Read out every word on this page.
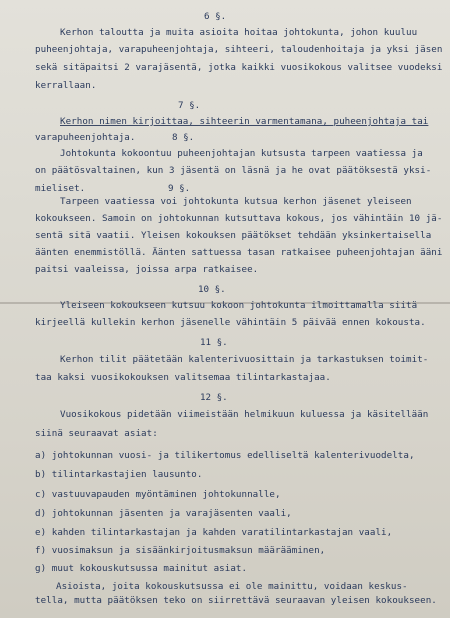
6 §.
Kerhon taloutta ja muita asioita hoitaa johtokunta, johon kuuluu
puheenjohtaja, varapuheenjohtaja, sihteeri, taloudenhoitaja ja yksi jäsen
sekä sitäpaitsi 2 varajäsentä, jotka kaikki vuosikokous valitsee vuodeksi
kerrallaan.
7 §.
Kerhon nimen kirjoittaa, sihteerin varmentamana, puheenjohtaja tai
varapuheenjohtaja.	8 §.
Johtokunta kokoontuu puheenjohtajan kutsusta tarpeen vaatiessa ja
on päätösvaltainen, kun 3 jäsentä on läsnä ja he ovat päätöksestä yksi-
mieliset.	9 §.
Tarpeen vaatiessa voi johtokunta kutsua kerhon jäsenet yleiseen
kokoukseen. Samoin on johtokunnan kutsuttava kokous, jos vähintäin 10 jä-
sentä sitä vaatii. Yleisen kokouksen päätökset tehdään yksinkertaisella
äänten enemmistöllä. Äänten sattuessa tasan ratkaisee puheenjohtajan ääni
paitsi vaaleissa, joissa arpa ratkaisee.
10 §.
Yleiseen kokoukseen kutsuu kokoon johtokunta ilmoittamalla siitä
kirjeellä kullekin kerhon jäsenelle vähintäin 5 päivää ennen kokousta.
11 §.
Kerhon tilit päätetään kalenterivuosittain ja tarkastuksen toimit-
taa kaksi vuosikokouksen valitsemaa tilintarkastajaa.
12 §.
Vuosikokous pidetään viimeistään helmikuun kuluessa ja käsitellään
siinä seuraavat asiat:
a) johtokunnan vuosi- ja tilikertomus edelliseltä kalenterivuodelta,
b) tilintarkastajien lausunto.
c) vastuuvapauden myöntäminen johtokunnalle,
d) johtokunnan jäsenten ja varajäsenten vaali,
e) kahden tilintarkastajan ja kahden varatilintarkastajan vaali,
f) vuosimaksun ja sisäänkirjoitusmaksun määrääminen,
g) muut kokouskutsussa mainitut asiat.
Asioista, joita kokouskutsussa ei ole mainittu, voidaan keskus-
tella, mutta päätöksen teko on siirrettävä seuraavan yleisen kokoukseen.
